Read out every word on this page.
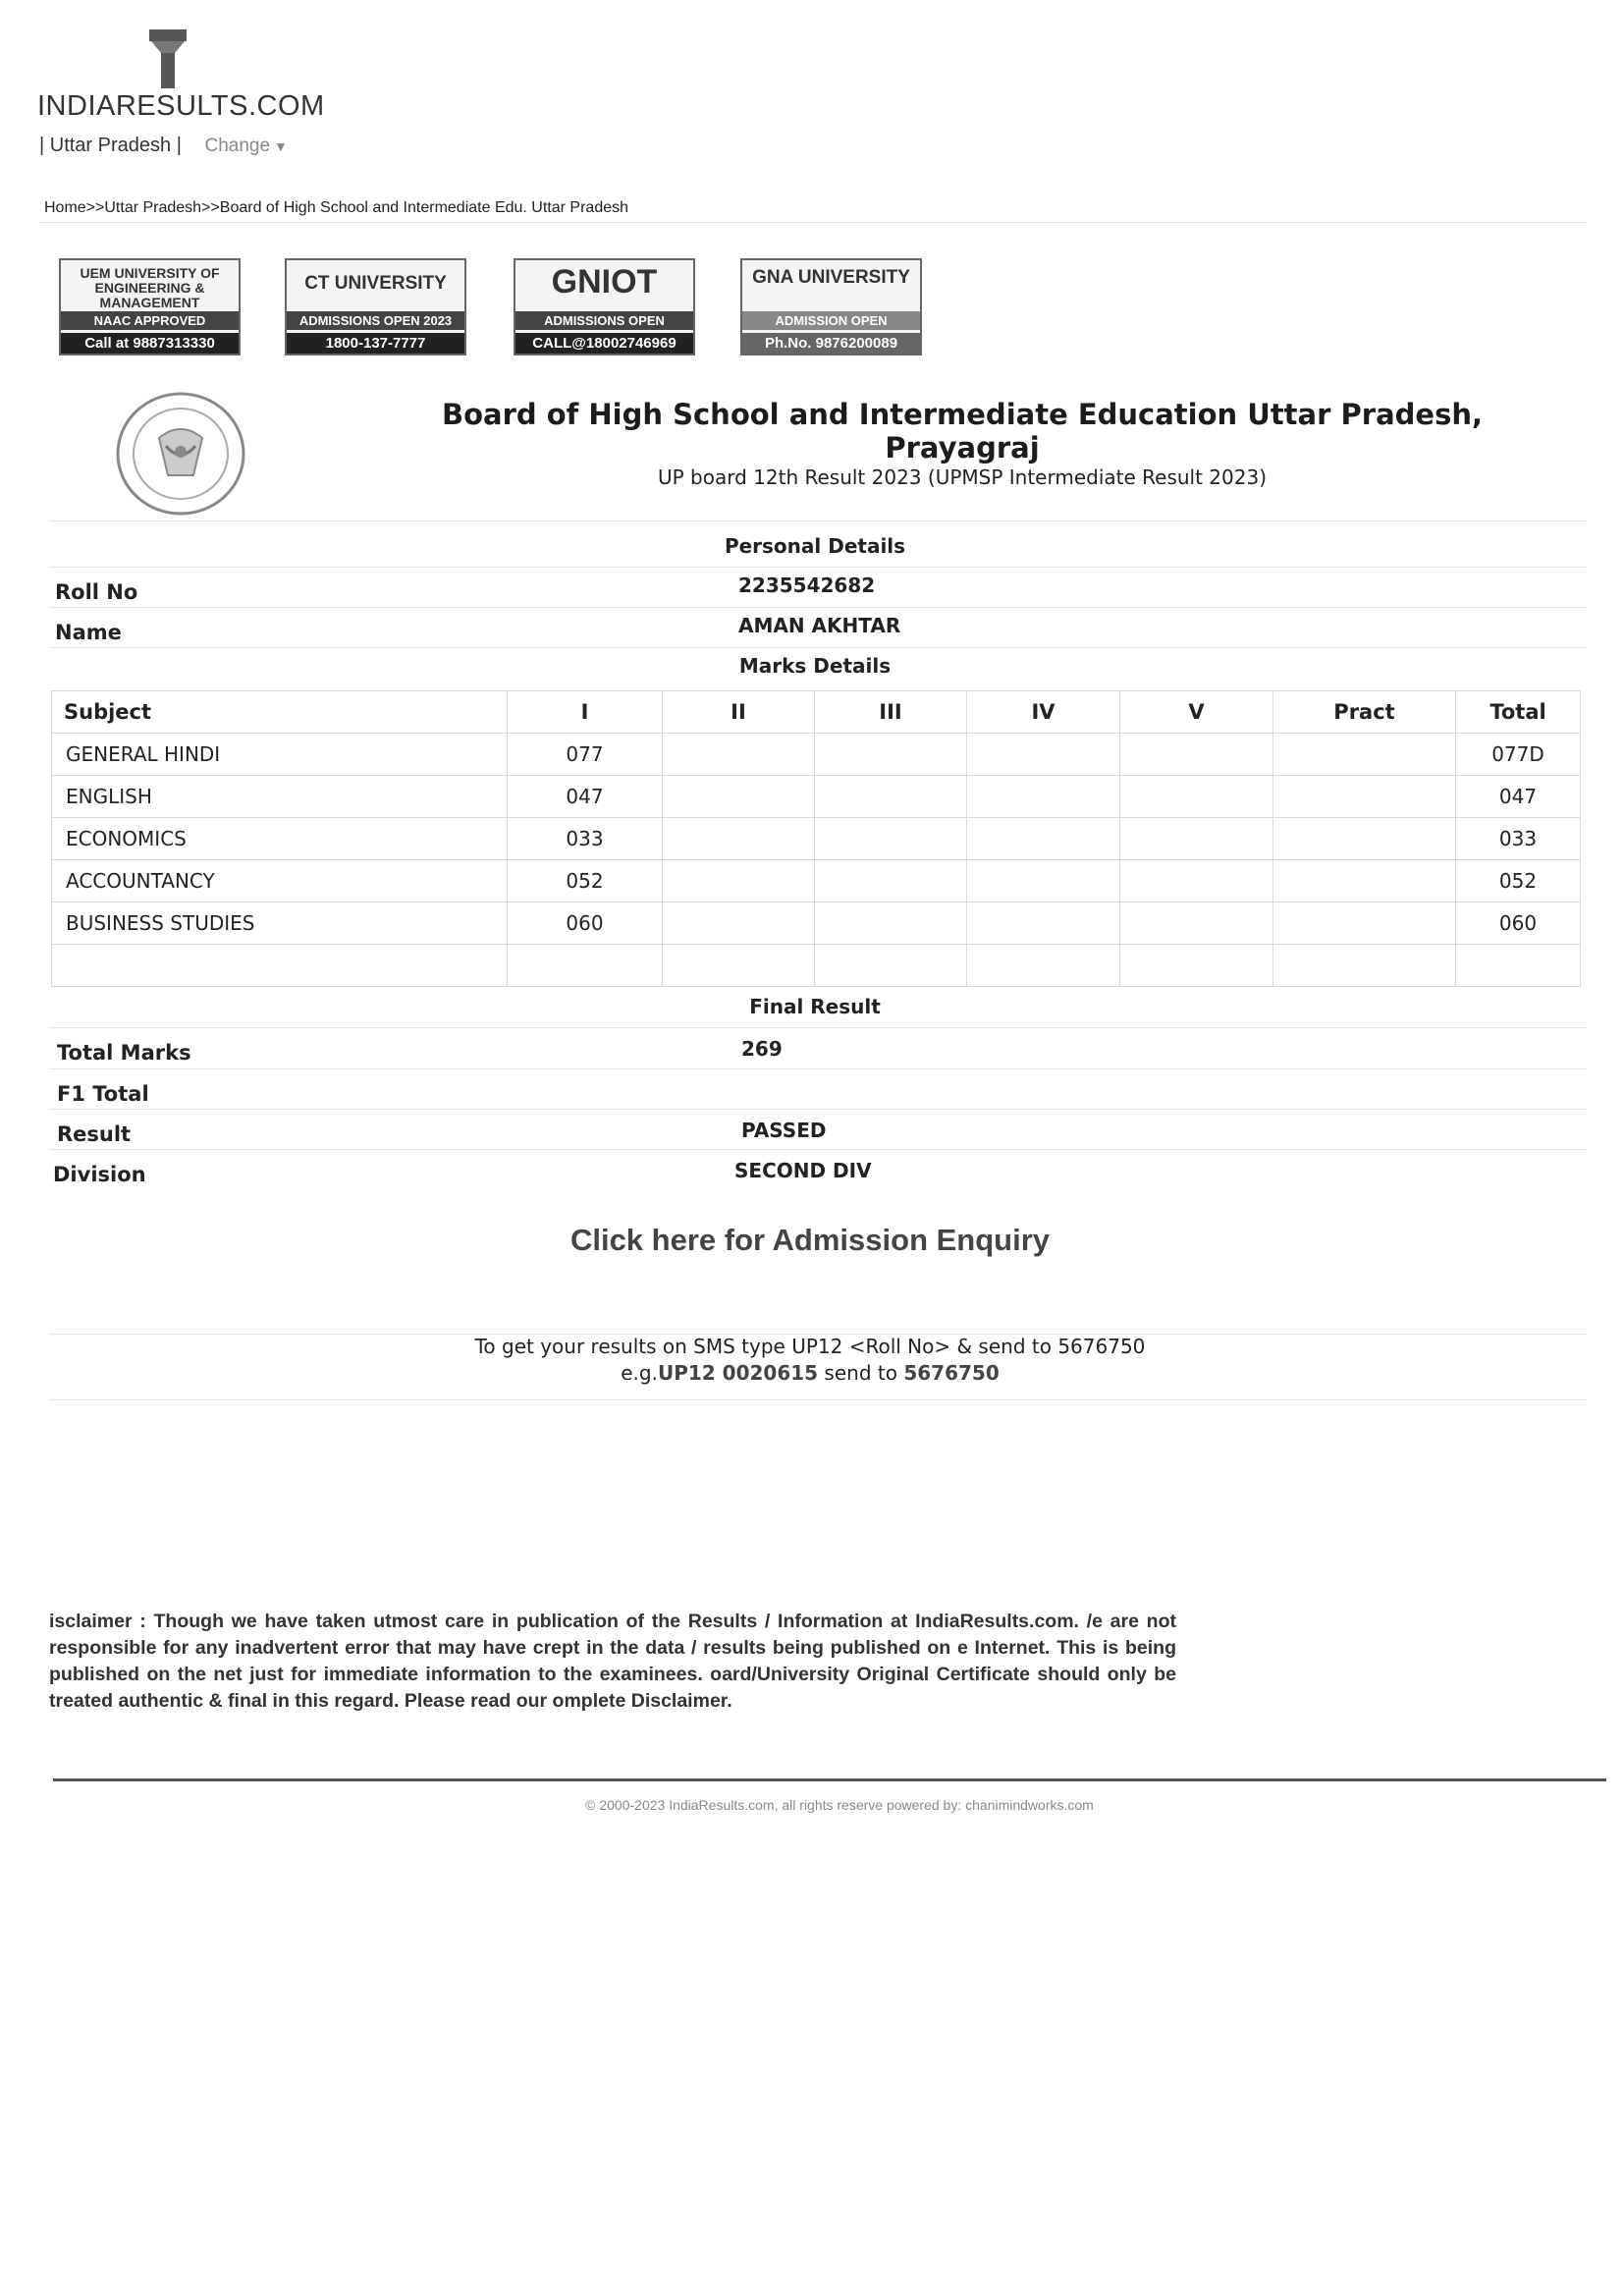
INDIARESULTS.COM
| Uttar Pradesh | Change ▼
Home>>Uttar Pradesh>>Board of High School and Intermediate Edu. Uttar Pradesh
UEM UNIVERSITY OF ENGINEERING & MANAGEMENT
NAAC APPROVED
Call at 9887313330
CT UNIVERSITY
ADMISSIONS OPEN 2023
1800-137-7777
GNIOT
ADMISSIONS OPEN
CALL@18002746969
GNA UNIVERSITY
ADMISSION OPEN
Ph.No. 9876200089
Board of High School and Intermediate Education Uttar Pradesh, Prayagraj
UP board 12th Result 2023 (UPMSP Intermediate Result 2023)
Personal Details
Roll No	2235542682
Name	AMAN AKHTAR
Marks Details
Subject	I	II	III	IV	V	Pract	Total
GENERAL HINDI	077						077D
ENGLISH	047						047
ECONOMICS	033						033
ACCOUNTANCY	052						052
BUSINESS STUDIES	060						060

Final Result
Total Marks	269
F1 Total
Result	PASSED
Division	SECOND DIV
Click here for Admission Enquiry
To get your results on SMS type UP12 <Roll No> & send to 5676750
e.g.UP12 0020615 send to 5676750
isclaimer : Though we have taken utmost care in publication of the Results / Information at IndiaResults.com. /e are not responsible for any inadvertent error that may have crept in the data / results being published on e Internet. This is being published on the net just for immediate information to the examinees. oard/University Original Certificate should only be treated authentic & final in this regard. Please read our omplete Disclaimer.
© 2000-2023 IndiaResults.com, all rights reserve powered by: chanimindworks.com
